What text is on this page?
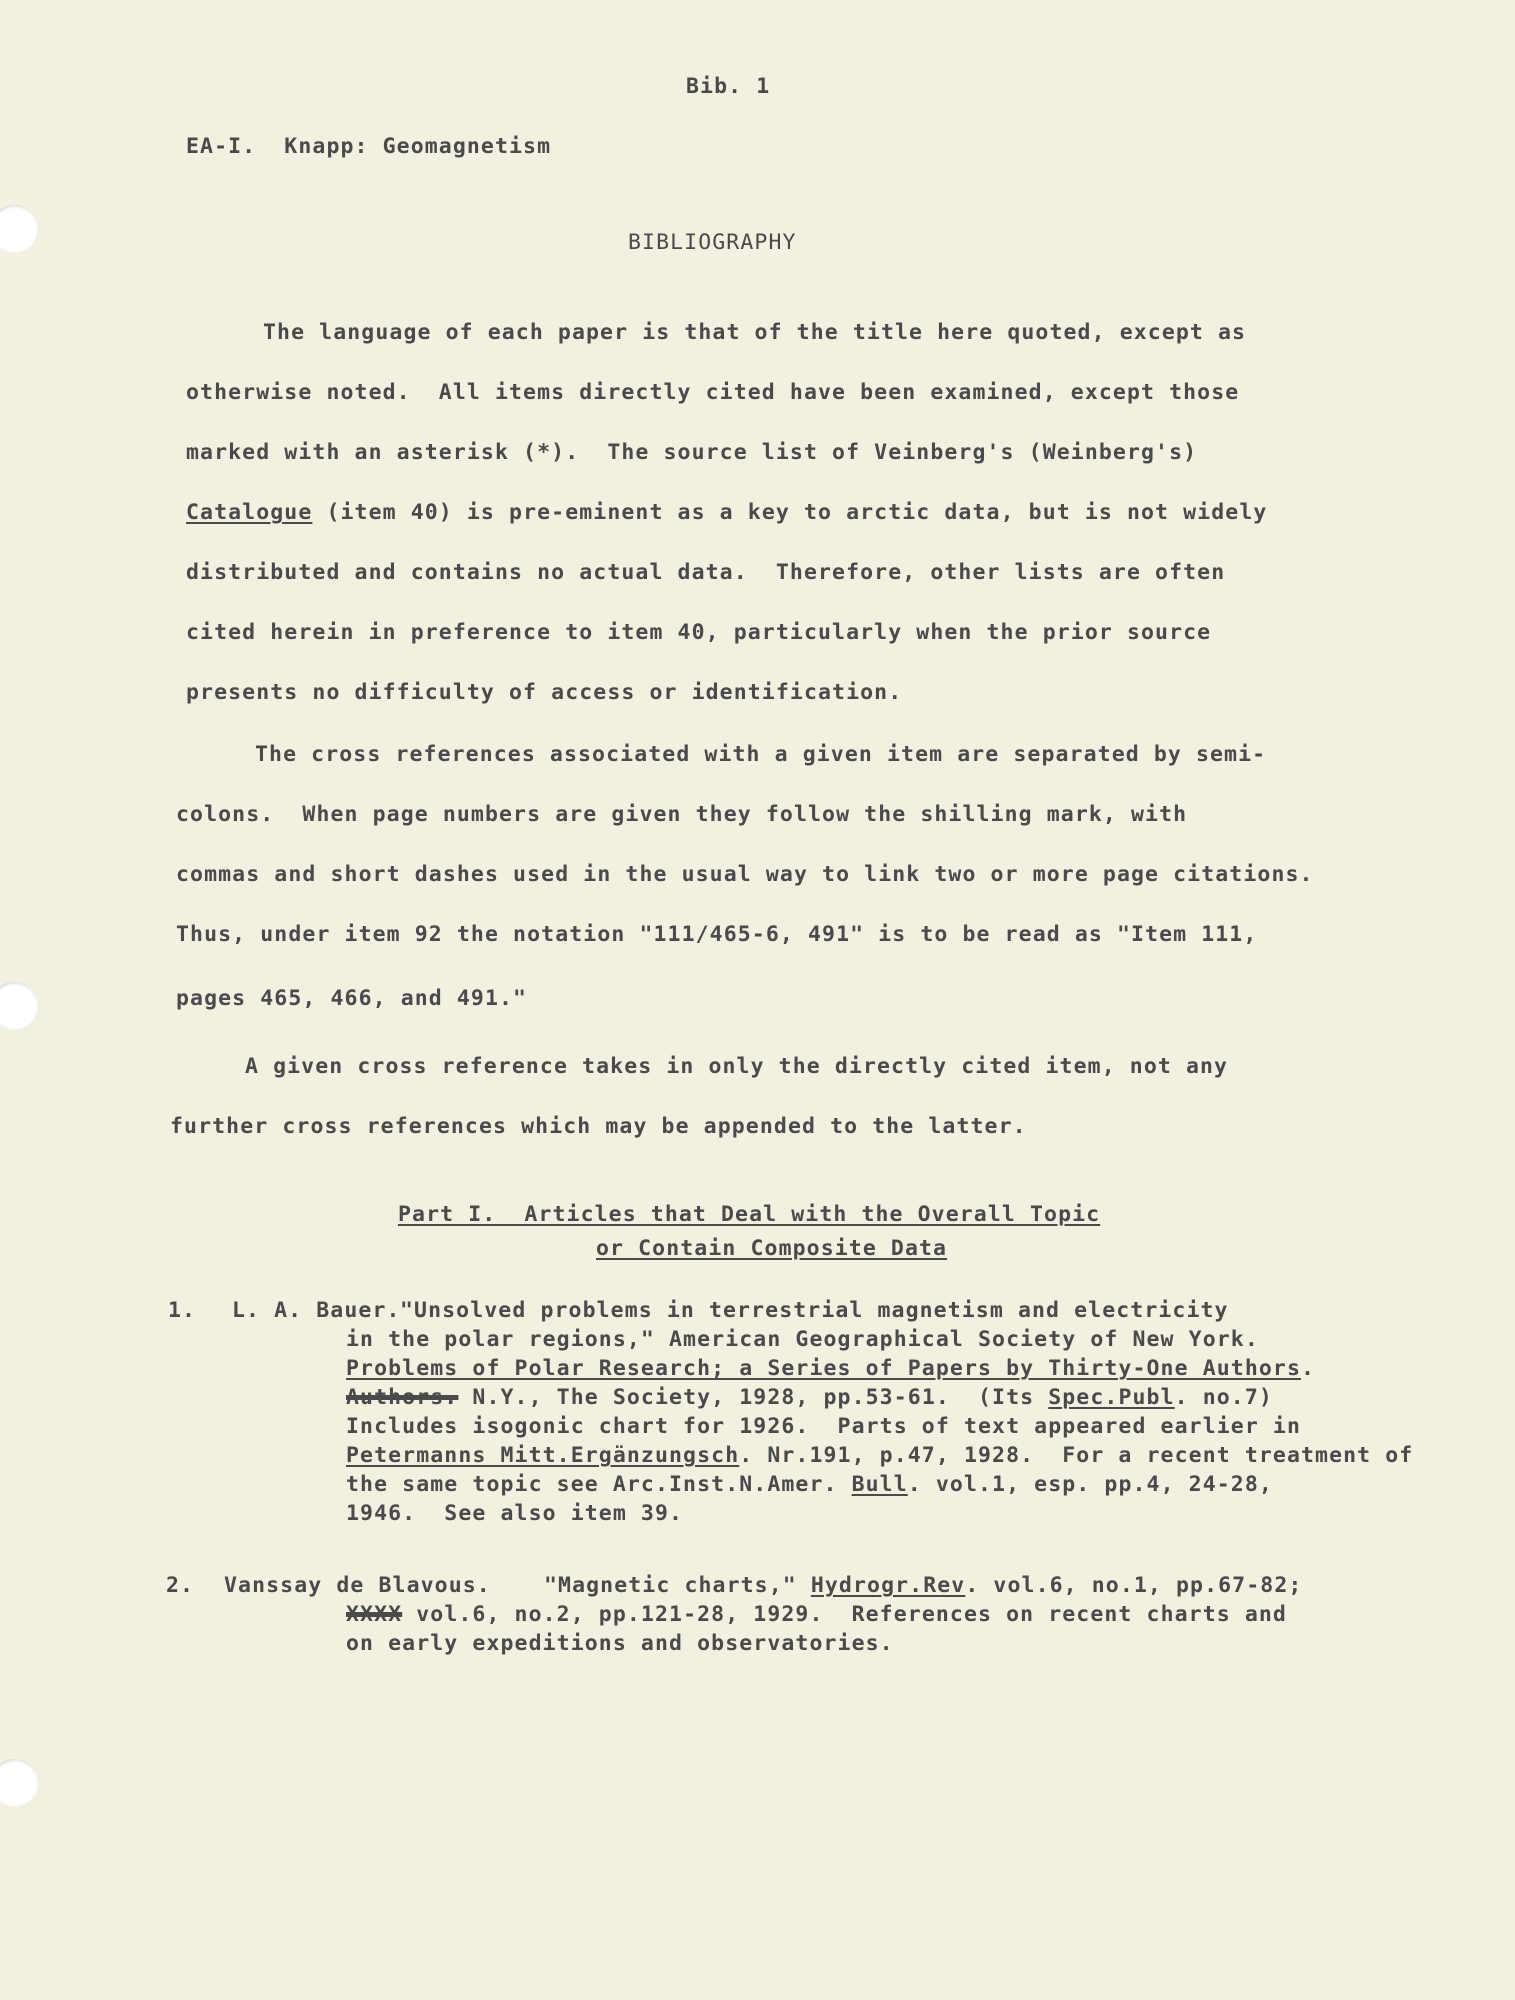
Bib. 1
EA-I.  Knapp: Geomagnetism
BIBLIOGRAPHY
The language of each paper is that of the title here quoted, except as
otherwise noted.  All items directly cited have been examined, except those
marked with an asterisk (*).  The source list of Veinberg's (Weinberg's)
Catalogue (item 40) is pre-eminent as a key to arctic data, but is not widely
distributed and contains no actual data.  Therefore, other lists are often
cited herein in preference to item 40, particularly when the prior source
presents no difficulty of access or identification.
The cross references associated with a given item are separated by semi-
colons.  When page numbers are given they follow the shilling mark, with
commas and short dashes used in the usual way to link two or more page citations.
Thus, under item 92 the notation "111/465-6, 491" is to be read as "Item 111,
pages 465, 466, and 491."
A given cross reference takes in only the directly cited item, not any
further cross references which may be appended to the latter.
Part I.  Articles that Deal with the Overall Topic
or Contain Composite Data
1. L. A. Bauer. "Unsolved problems in terrestrial magnetism and electricity
in the polar regions," American Geographical Society of New York.
Problems of Polar Research; a Series of Papers by Thirty-One Authors.
Authors. N.Y., The Society, 1928, pp.53-61.  (Its Spec.Publ. no.7)
Includes isogonic chart for 1926.  Parts of text appeared earlier in
Petermanns Mitt.Ergänzungsch. Nr.191, p.47, 1928.  For a recent treatment of
the same topic see Arc.Inst.N.Amer. Bull. vol.1, esp. pp.4, 24-28,
1946.  See also item 39.
2. Vanssay de Blavous. "Magnetic charts," Hydrogr.Rev. vol.6, no.1, pp.67-82;
XXXX vol.6, no.2, pp.121-28, 1929.  References on recent charts and
on early expeditions and observatories.
